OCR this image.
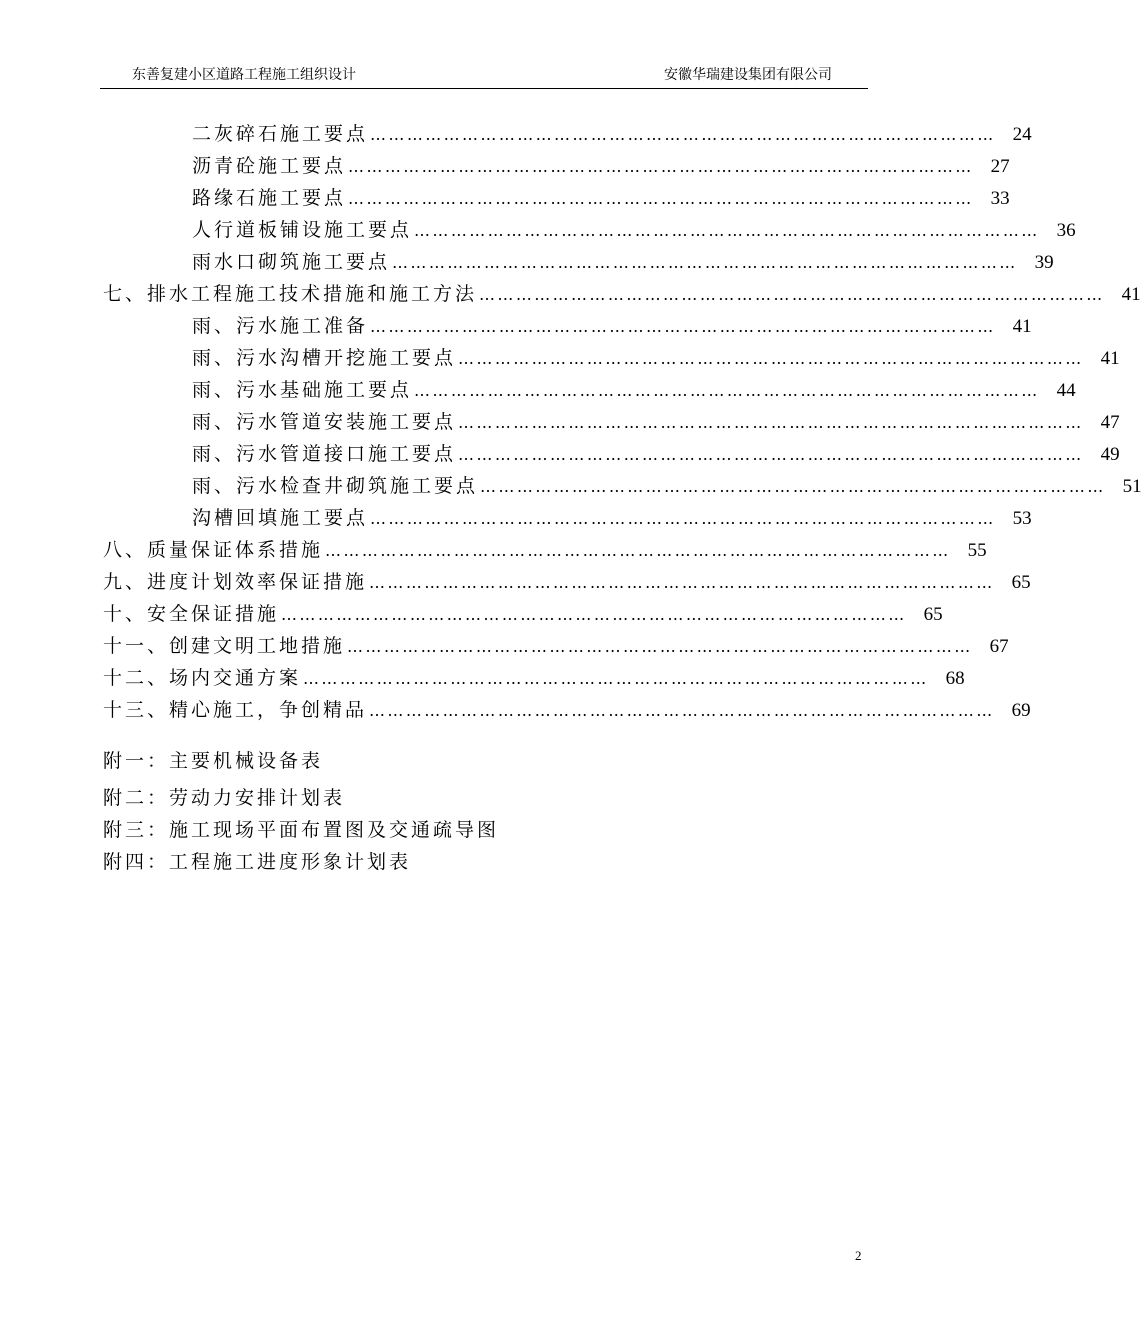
东善复建小区道路工程施工组织设计	安徽华瑞建设集团有限公司
二灰碎石施工要点 ………………………………………………………………………………………… 24
沥青砼施工要点 ………………………………………………………………………………………… 27
路缘石施工要点 ………………………………………………………………………………………… 33
人行道板铺设施工要点 ………………………………………………………………………………………… 36
雨水口砌筑施工要点 ………………………………………………………………………………………… 39
七、排水工程施工技术措施和施工方法 ………………………………………………………………………………………… 41
雨、污水施工准备 ………………………………………………………………………………………… 41
雨、污水沟槽开挖施工要点 ………………………………………………………………………………………… 41
雨、污水基础施工要点 ………………………………………………………………………………………… 44
雨、污水管道安装施工要点 ………………………………………………………………………………………… 47
雨、污水管道接口施工要点 ………………………………………………………………………………………… 49
雨、污水检查井砌筑施工要点 ………………………………………………………………………………………… 51
沟槽回填施工要点 ………………………………………………………………………………………… 53
八、质量保证体系措施 ………………………………………………………………………………………… 55
九、进度计划效率保证措施 ………………………………………………………………………………………… 65
十、安全保证措施 ………………………………………………………………………………………… 65
十一、创建文明工地措施 ………………………………………………………………………………………… 67
十二、场内交通方案 ………………………………………………………………………………………… 68
十三、精心施工，争创精品 ………………………………………………………………………………………… 69
附一：主要机械设备表
附二：劳动力安排计划表
附三：施工现场平面布置图及交通疏导图
附四：工程施工进度形象计划表
2
